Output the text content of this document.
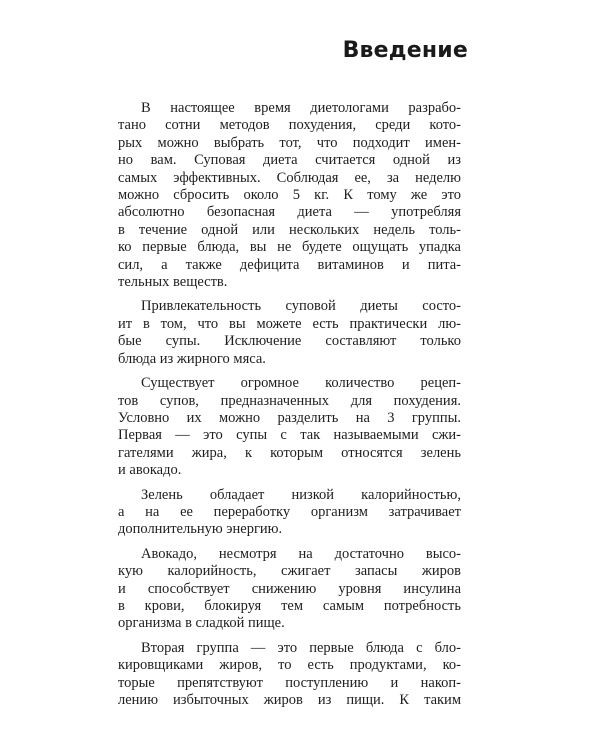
Введение

В настоящее время диетологами разрабо-
тано сотни методов похудения, среди кото-
рых можно выбрать тот, что подходит имен-
но вам. Суповая диета считается одной из
самых эффективных. Соблюдая ее, за неделю
можно сбросить около 5 кг. К тому же это
абсолютно безопасная диета — употребляя
в течение одной или нескольких недель толь-
ко первые блюда, вы не будете ощущать упадка
сил, а также дефицита витаминов и пита-
тельных веществ.

Привлекательность суповой диеты состо-
ит в том, что вы можете есть практически лю-
бые супы. Исключение составляют только
блюда из жирного мяса.

Существует огромное количество рецеп-
тов супов, предназначенных для похудения.
Условно их можно разделить на 3 группы.
Первая — это супы с так называемыми сжи-
гателями жира, к которым относятся зелень
и авокадо.

Зелень обладает низкой калорийностью,
а на ее переработку организм затрачивает
дополнительную энергию.

Авокадо, несмотря на достаточно высо-
кую калорийность, сжигает запасы жиров
и способствует снижению уровня инсулина
в крови, блокируя тем самым потребность
организма в сладкой пище.

Вторая группа — это первые блюда с бло-
кировщиками жиров, то есть продуктами, ко-
торые препятствуют поступлению и накоп-
лению избыточных жиров из пищи. К таким
